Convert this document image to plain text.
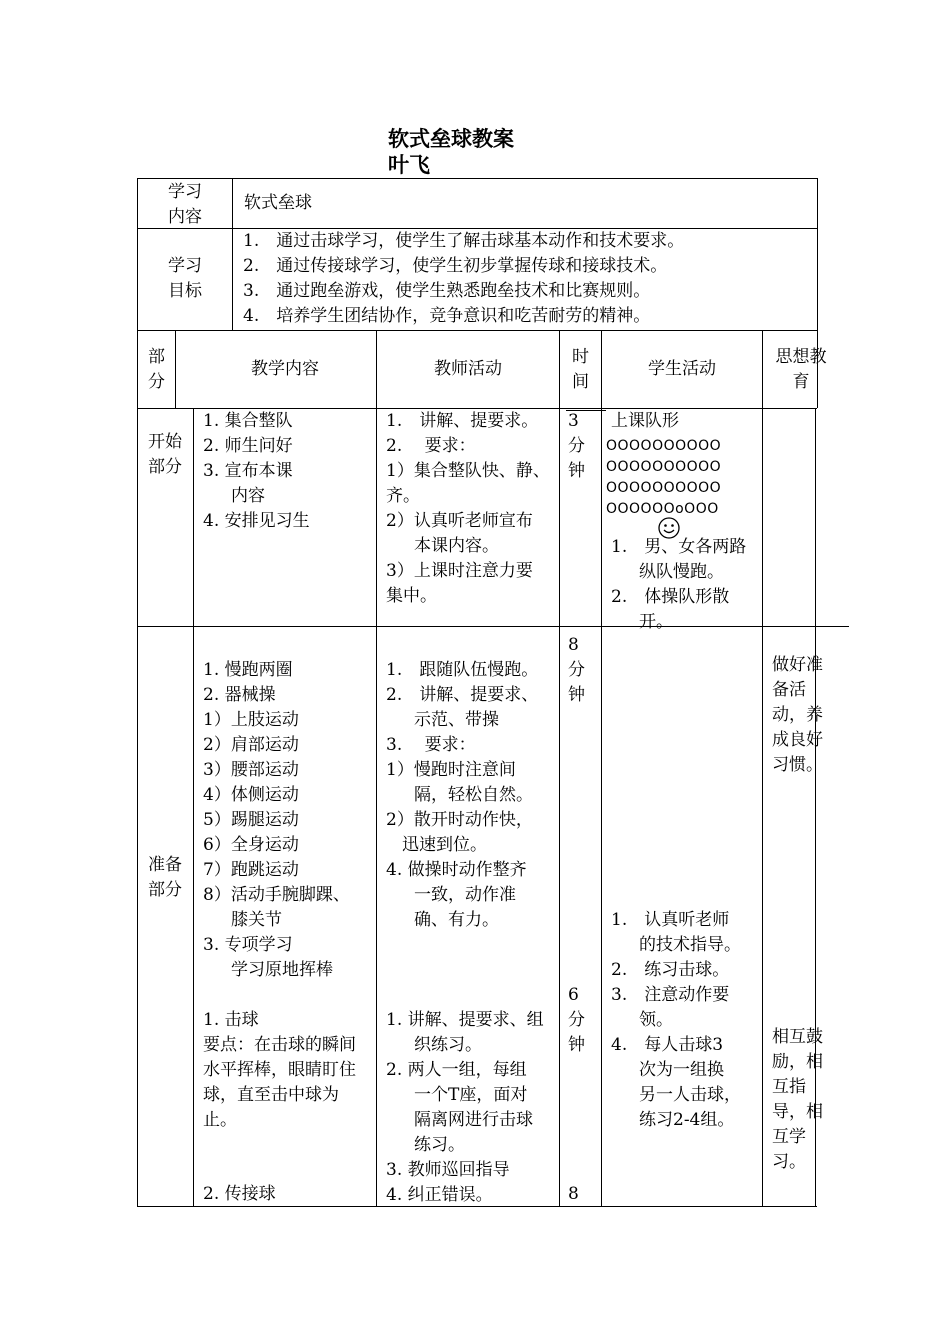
软式垒球教案
叶飞
学习
内容
软式垒球
学习
目标
1.　通过击球学习，使学生了解击球基本动作和技术要求。
2.　通过传接球学习，使学生初步掌握传球和接球技术。
3.　通过跑垒游戏，使学生熟悉跑垒技术和比赛规则。
4.　培养学生团结协作，竞争意识和吃苦耐劳的精神。
部
分
教学内容	教师活动
时
间
学生活动
思想教
育
开始
部分
1. 集合整队
2. 师生问好
3. 宣布本课
内容
4. 安排见习生
1.　讲解、提要求。
2.　 要求：
1）集合整队快、静、
齐。
2）认真听老师宣布
本课内容。
3）上课时注意力要
集中。
3
分
钟
上课队形
OOOOOOOOOO
OOOOOOOOOO
OOOOOOOOOO
OOOOOOoOOO
1.　男、女各两路
纵队慢跑。
2.　体操队形散
开。
准备
部分
1. 慢跑两圈
2. 器械操
1）上肢运动
2）肩部运动
3）腰部运动
4）体侧运动
5）踢腿运动
6）全身运动
7）跑跳运动
8）活动手腕脚踝、
膝关节
3. 专项学习
学习原地挥棒
1. 击球
要点：在击球的瞬间
水平挥棒，眼睛盯住
球，直至击中球为
止。
2. 传接球
1.　跟随队伍慢跑。
2.　讲解、提要求、
示范、带操
3.　 要求：
1）慢跑时注意间
隔，轻松自然。
2）散开时动作快，
迅速到位。
4. 做操时动作整齐
一致，动作准
确、有力。
1. 讲解、提要求、组
织练习。
2. 两人一组，每组
一个T座，面对
隔离网进行击球
练习。
3. 教师巡回指导
4. 纠正错误。
8
分
钟
6
分
钟
8
1.　认真听老师
的技术指导。
2.　练习击球。
3.　注意动作要
领。
4.　每人击球3
次为一组换
另一人击球，
练习2-4组。
做好准
备活
动，养
成良好
习惯。
相互鼓
励，相
互指
导，相
互学
习。
